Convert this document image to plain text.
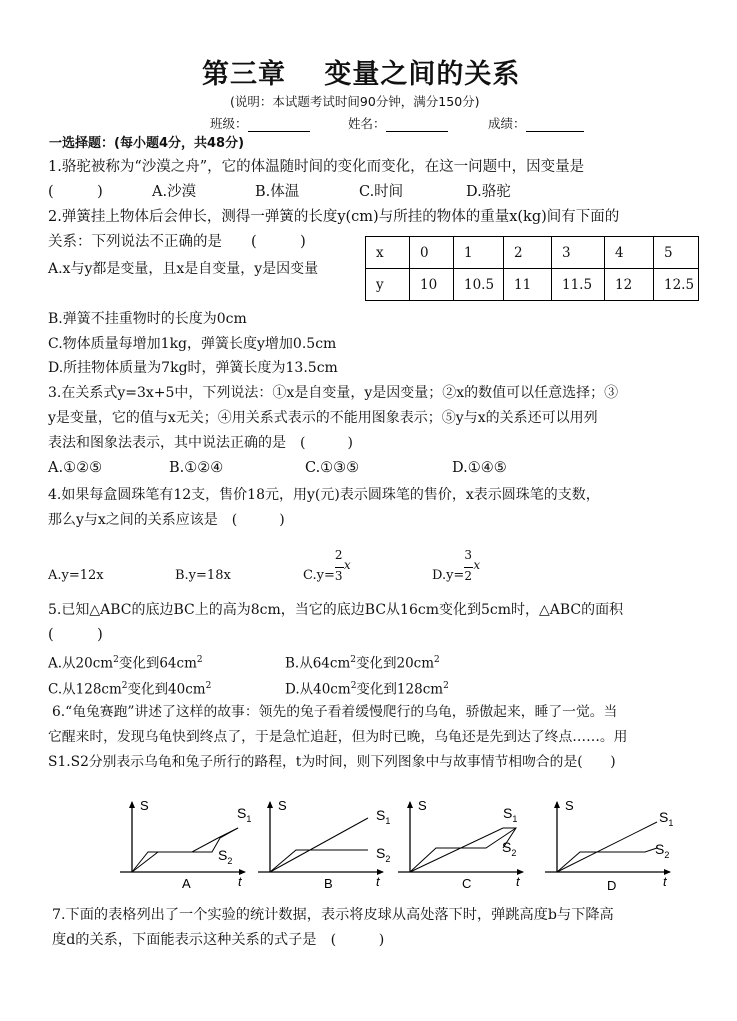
第三章　 变量之间的关系
(说明：本试题考试时间90分钟，满分150分)
班级：	姓名：	成绩：
一选择题：(每小题4分，共48分)
1.骆驼被称为“沙漠之舟”，它的体温随时间的变化而变化，在这一问题中，因变量是
(　　　)	A.沙漠	B.体温	C.时间	D.骆驼
2.弹簧挂上物体后会伸长，测得一弹簧的长度y(cm)与所挂的物体的重量x(kg)间有下面的
关系：下列说法不正确的是　　(　　　)
A.x与y都是变量，且x是自变量，y是因变量
x	0	1	2	3	4	5
y	10	10.5	11	11.5	12	12.5
B.弹簧不挂重物时的长度为0cm
C.物体质量每增加1kg，弹簧长度y增加0.5cm
D.所挂物体质量为7kg时，弹簧长度为13.5cm
3.在关系式y=3x+5中，下列说法：①x是自变量，y是因变量；②x的数值可以任意选择；③
y是变量，它的值与x无关；④用关系式表示的不能用图象表示；⑤y与x的关系还可以用列
表法和图象法表示，其中说法正确的是　(　　　)
A.①②⑤	B.①②④	C.①③⑤	D.①④⑤
4.如果每盒圆珠笔有12支，售价18元，用y(元)表示圆珠笔的售价，x表示圆珠笔的支数，
那么y与x之间的关系应该是　(　　　)
A.y=12x	B.y=18x	C.y=
2
3
x
D.y=
3
2
x
5.已知△ABC的底边BC上的高为8cm，当它的底边BC从16cm变化到5cm时，△ABC的面积
(　　　)
A.从$20cm^2$变化到$64cm^2$	B.从$64cm^2$变化到$20cm^2$
C.从$128cm^2$变化到$40cm^2$	D.从$40cm^2$变化到$128cm^2$
6.“龟兔赛跑”讲述了这样的故事：领先的兔子看着缓慢爬行的乌龟，骄傲起来，睡了一觉。当
它醒来时，发现乌龟快到终点了，于是急忙追赶，但为时已晚，乌龟还是先到达了终点……。用
S1.S2分别表示乌龟和兔子所行的路程，t为时间，则下列图象中与故事情节相吻合的是(　　)
S
t
$S_1$
$S_2$
A
S
t
$S_1$
$S_2$
B
S
t
$S_1$
$S_2$
C
S
t
$S_1$
$S_2$
D
7.下面的表格列出了一个实验的统计数据，表示将皮球从高处落下时，弹跳高度b与下降高
度d的关系，下面能表示这种关系的式子是　(　　　)
